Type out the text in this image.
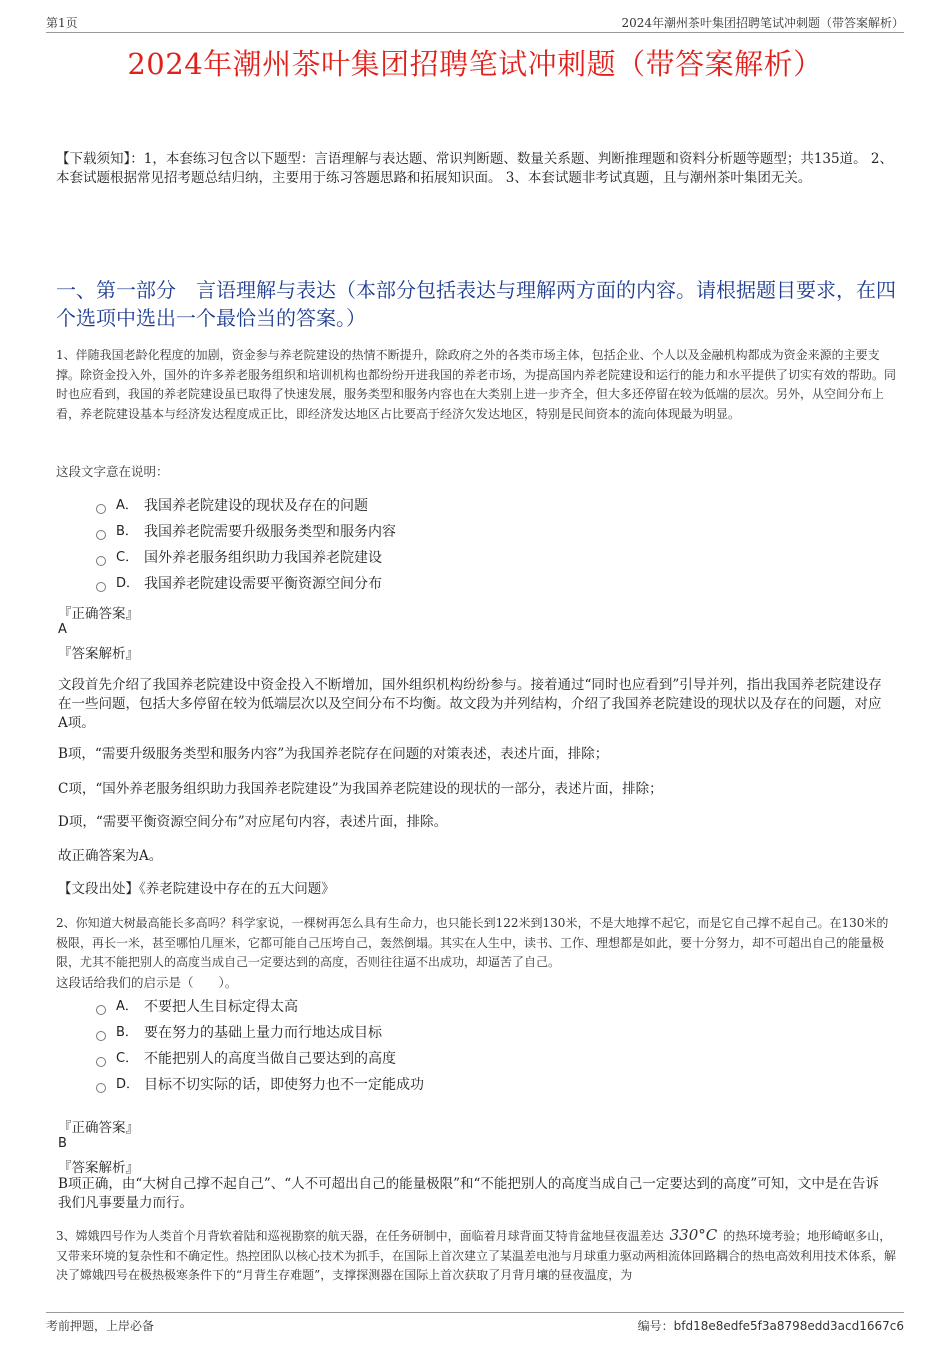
第1页	2024年潮州茶叶集团招聘笔试冲刺题（带答案解析）
2024年潮州茶叶集团招聘笔试冲刺题（带答案解析）
【下载须知】：1，本套练习包含以下题型：言语理解与表达题、常识判断题、数量关系题、判断推理题和资料分析题等题型；共135道。 2、本套试题根据常见招考题总结归纳，主要用于练习答题思路和拓展知识面。 3、本套试题非考试真题，且与潮州茶叶集团无关。
一、第一部分　言语理解与表达（本部分包括表达与理解两方面的内容。请根据题目要求，在四个选项中选出一个最恰当的答案。）
1、伴随我国老龄化程度的加剧，资金参与养老院建设的热情不断提升，除政府之外的各类市场主体，包括企业、个人以及金融机构都成为资金来源的主要支撑。除资金投入外，国外的许多养老服务组织和培训机构也都纷纷开进我国的养老市场，为提高国内养老院建设和运行的能力和水平提供了切实有效的帮助。同时也应看到，我国的养老院建设虽已取得了快速发展，服务类型和服务内容也在大类别上进一步齐全，但大多还停留在较为低端的层次。另外，从空间分布上看，养老院建设基本与经济发达程度成正比，即经济发达地区占比要高于经济欠发达地区，特别是民间资本的流向体现最为明显。
这段文字意在说明：
A． 我国养老院建设的现状及存在的问题
B． 我国养老院需要升级服务类型和服务内容
C． 国外养老服务组织助力我国养老院建设
D． 我国养老院建设需要平衡资源空间分布
『正确答案』
A
『答案解析』
文段首先介绍了我国养老院建设中资金投入不断增加，国外组织机构纷纷参与。接着通过“同时也应看到”引导并列，指出我国养老院建设存在一些问题，包括大多停留在较为低端层次以及空间分布不均衡。故文段为并列结构，介绍了我国养老院建设的现状以及存在的问题，对应A项。
B项，“需要升级服务类型和服务内容”为我国养老院存在问题的对策表述，表述片面，排除；
C项，“国外养老服务组织助力我国养老院建设”为我国养老院建设的现状的一部分，表述片面，排除；
D项，“需要平衡资源空间分布”对应尾句内容，表述片面，排除。
故正确答案为A。
【文段出处】《养老院建设中存在的五大问题》
2、你知道大树最高能长多高吗？科学家说，一棵树再怎么具有生命力，也只能长到122米到130米，不是大地撑不起它，而是它自己撑不起自己。在130米的极限，再长一米，甚至哪怕几厘米，它都可能自己压垮自己，轰然倒塌。其实在人生中，读书、工作、理想都是如此，要十分努力，却不可超出自己的能量极限，尤其不能把别人的高度当成自己一定要达到的高度，否则往往逼不出成功，却逼苦了自己。
这段话给我们的启示是（　　）。
A． 不要把人生目标定得太高
B． 要在努力的基础上量力而行地达成目标
C． 不能把别人的高度当做自己要达到的高度
D． 目标不切实际的话，即使努力也不一定能成功
『正确答案』
B
『答案解析』
B项正确，由“大树自己撑不起自己”、“人不可超出自己的能量极限”和“不能把别人的高度当成自己一定要达到的高度”可知，文中是在告诉我们凡事要量力而行。
3、嫦娥四号作为人类首个月背软着陆和巡视勘察的航天器，在任务研制中，面临着月球背面艾特肯盆地昼夜温差达 330°C 的热环境考验；地形崎岖多山，又带来环境的复杂性和不确定性。热控团队以核心技术为抓手，在国际上首次建立了某温差电池与月球重力驱动两相流体回路耦合的热电高效利用技术体系，解决了嫦娥四号在极热极寒条件下的“月背生存难题”，支撑探测器在国际上首次获取了月背月壤的昼夜温度，为
考前押题，上岸必备	编号：bfd18e8edfe5f3a8798edd3acd1667c6
